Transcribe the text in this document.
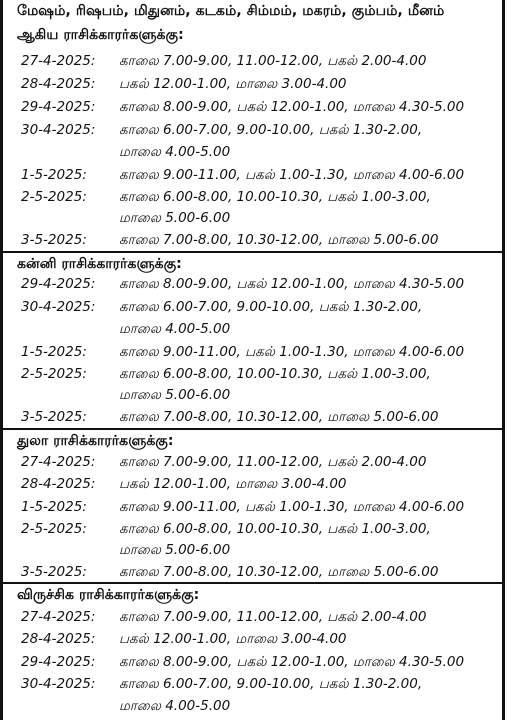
மேஷம், ரிஷபம், மிதுனம், கடகம், சிம்மம், மகரம், கும்பம், மீனம்
ஆகிய ராசிக்காரர்களுக்கு:
27-4-2025: காலை 7.00-9.00, 11.00-12.00, பகல் 2.00-4.00
28-4-2025: பகல் 12.00-1.00, மாலை 3.00-4.00
29-4-2025: காலை 8.00-9.00, பகல் 12.00-1.00, மாலை 4.30-5.00
30-4-2025: காலை 6.00-7.00, 9.00-10.00, பகல் 1.30-2.00,
மாலை 4.00-5.00
1-5-2025: காலை 9.00-11.00, பகல் 1.00-1.30, மாலை 4.00-6.00
2-5-2025: காலை 6.00-8.00, 10.00-10.30, பகல் 1.00-3.00,
மாலை 5.00-6.00
3-5-2025: காலை 7.00-8.00, 10.30-12.00, மாலை 5.00-6.00
கன்னி ராசிக்காரர்களுக்கு:
29-4-2025: காலை 8.00-9.00, பகல் 12.00-1.00, மாலை 4.30-5.00
30-4-2025: காலை 6.00-7.00, 9.00-10.00, பகல் 1.30-2.00,
மாலை 4.00-5.00
1-5-2025: காலை 9.00-11.00, பகல் 1.00-1.30, மாலை 4.00-6.00
2-5-2025: காலை 6.00-8.00, 10.00-10.30, பகல் 1.00-3.00,
மாலை 5.00-6.00
3-5-2025: காலை 7.00-8.00, 10.30-12.00, மாலை 5.00-6.00
துலா ராசிக்காரர்களுக்கு:
27-4-2025: காலை 7.00-9.00, 11.00-12.00, பகல் 2.00-4.00
28-4-2025: பகல் 12.00-1.00, மாலை 3.00-4.00
1-5-2025: காலை 9.00-11.00, பகல் 1.00-1.30, மாலை 4.00-6.00
2-5-2025: காலை 6.00-8.00, 10.00-10.30, பகல் 1.00-3.00,
மாலை 5.00-6.00
3-5-2025: காலை 7.00-8.00, 10.30-12.00, மாலை 5.00-6.00
விருச்சிக ராசிக்காரர்களுக்கு:
27-4-2025: காலை 7.00-9.00, 11.00-12.00, பகல் 2.00-4.00
28-4-2025: பகல் 12.00-1.00, மாலை 3.00-4.00
29-4-2025: காலை 8.00-9.00, பகல் 12.00-1.00, மாலை 4.30-5.00
30-4-2025: காலை 6.00-7.00, 9.00-10.00, பகல் 1.30-2.00,
மாலை 4.00-5.00
